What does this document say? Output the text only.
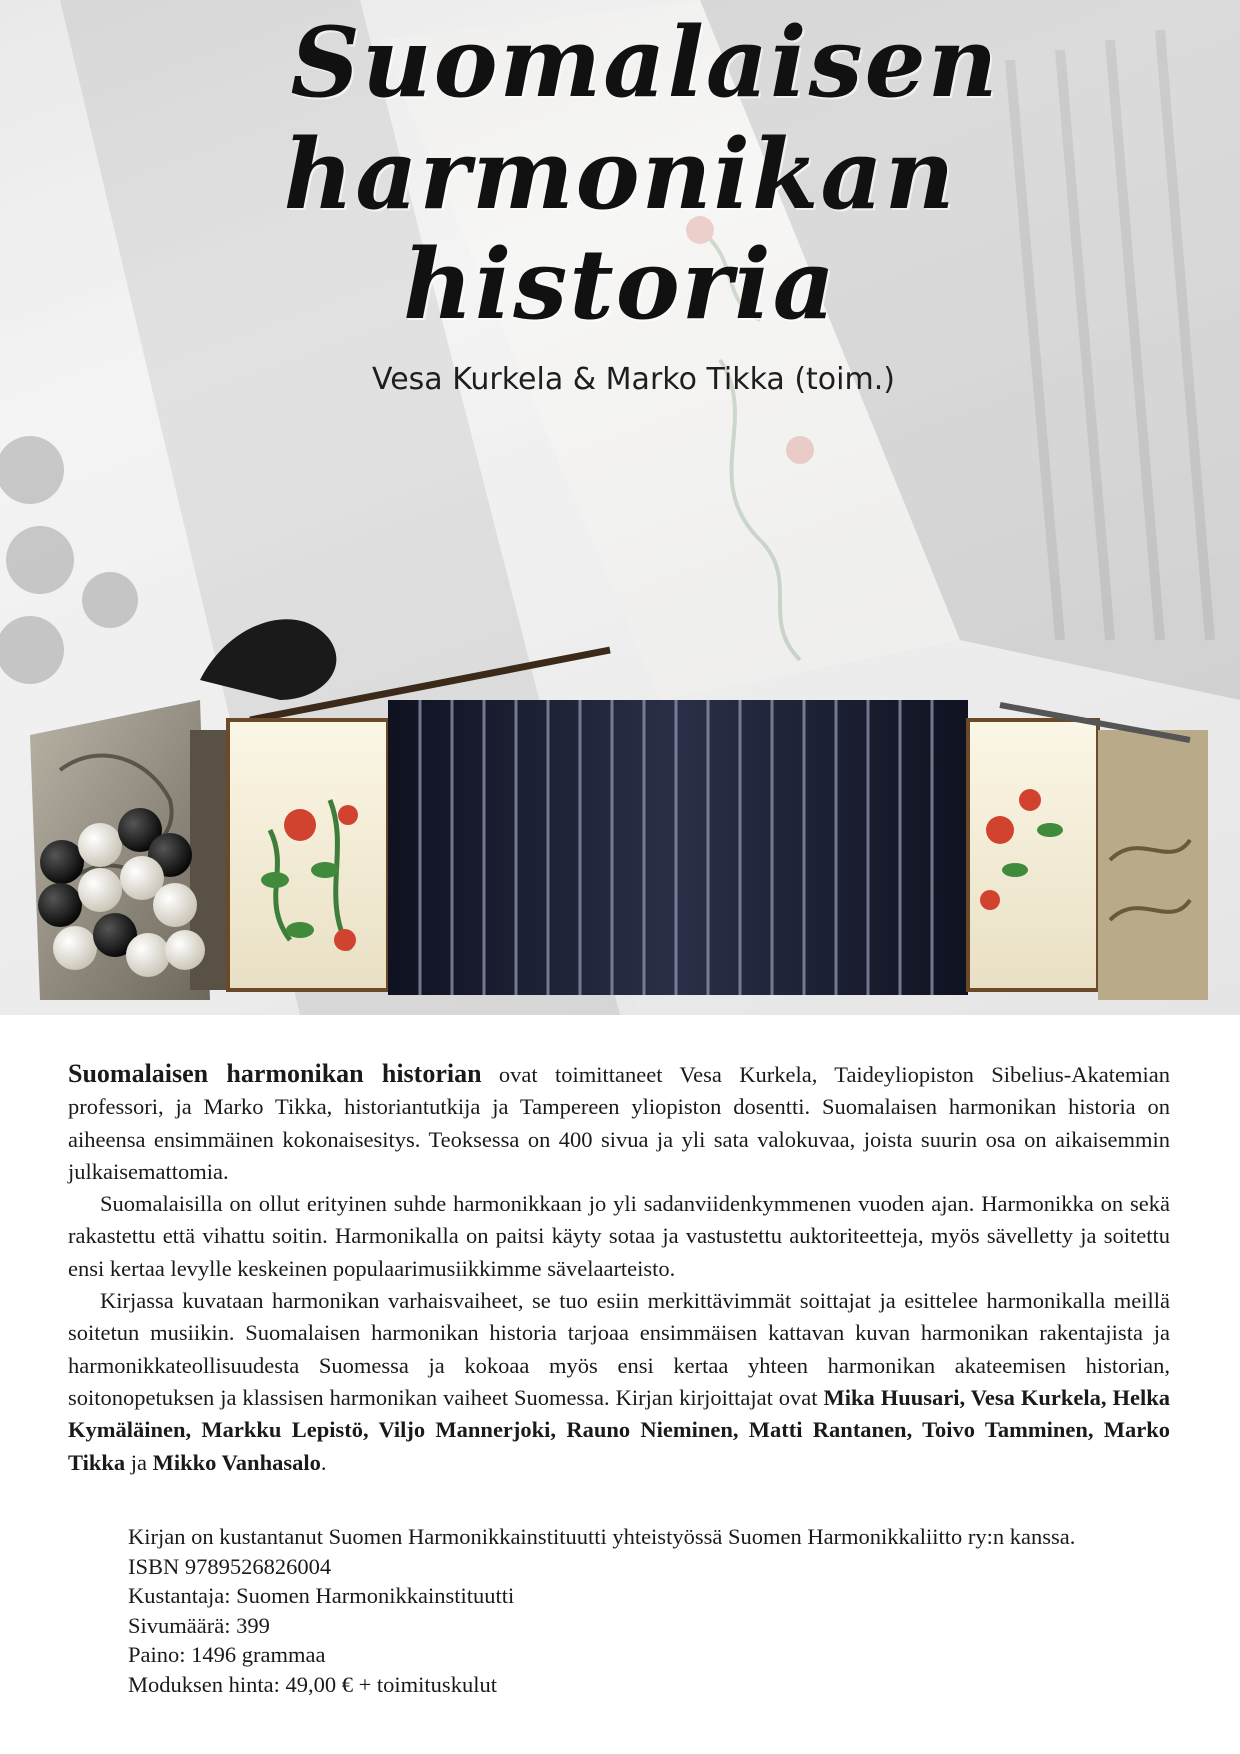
Suomalaisen
harmonikan
historia
Vesa Kurkela & Marko Tikka (toim.)

Suomalaisen harmonikan historian ovat toimittaneet Vesa Kurkela, Taideyliopiston Sibelius-Akatemian professori, ja Marko Tikka, historiantutkija ja Tampereen yliopiston dosentti. Suomalaisen harmonikan historia on aiheensa ensimmäinen kokonaisesitys. Teoksessa on 400 sivua ja yli sata valokuvaa, joista suurin osa on aikaisemmin julkaisemattomia.

Suomalaisilla on ollut erityinen suhde harmonikkaan jo yli sadanviidenkymmenen vuoden ajan. Harmonikka on sekä rakastettu että vihattu soitin. Harmonikalla on paitsi käyty sotaa ja vastustettu auktoriteetteja, myös sävelletty ja soitettu ensi kertaa levylle keskeinen populaarimusiikkimme sävelaarteisto.

Kirjassa kuvataan harmonikan varhaisvaiheet, se tuo esiin merkittävimmät soittajat ja esittelee harmonikalla meillä soitetun musiikin. Suomalaisen harmonikan historia tarjoaa ensimmäisen kattavan kuvan harmonikan rakentajista ja harmonikkateollisuudesta Suomessa ja kokoaa myös ensi kertaa yhteen harmonikan akateemisen historian, soitonopetuksen ja klassisen harmonikan vaiheet Suomessa. Kirjan kirjoittajat ovat Mika Huusari, Vesa Kurkela, Helka Kymäläinen, Markku Lepistö, Viljo Mannerjoki, Rauno Nieminen, Matti Rantanen, Toivo Tamminen, Marko Tikka ja Mikko Vanhasalo.

Kirjan on kustantanut Suomen Harmonikkainstituutti yhteistyössä Suomen Harmonikkaliitto ry:n kanssa.
ISBN 9789526826004
Kustantaja: Suomen Harmonikkainstituutti
Sivumäärä: 399
Paino: 1496 grammaa
Moduksen hinta: 49,00 € + toimituskulut
